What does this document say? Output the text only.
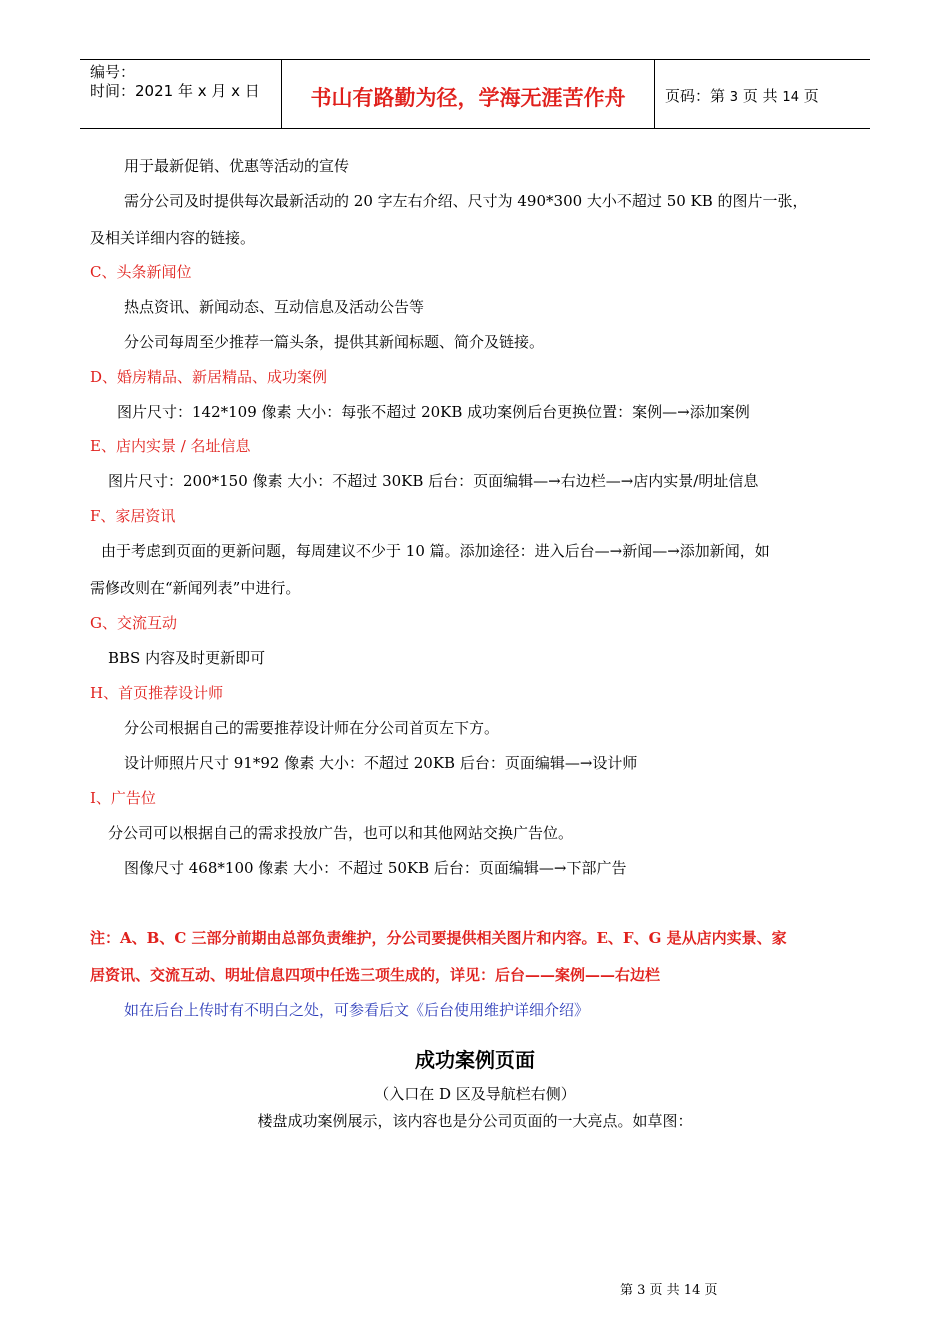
编号：
时间：2021 年 x 月 x 日	书山有路勤为径，学海无涯苦作舟	页码：第 3 页 共 14 页
用于最新促销、优惠等活动的宣传
需分公司及时提供每次最新活动的 20 字左右介绍、尺寸为 490*300 大小不超过 50 KB 的图片一张，
及相关详细内容的链接。
C、头条新闻位
热点资讯、新闻动态、互动信息及活动公告等
分公司每周至少推荐一篇头条，提供其新闻标题、简介及链接。
D、婚房精品、新居精品、成功案例
图片尺寸：142*109 像素 大小：每张不超过 20KB 成功案例后台更换位置：案例—→添加案例
E、店内实景 / 名址信息
图片尺寸：200*150 像素 大小：不超过 30KB 后台：页面编辑—→右边栏—→店内实景/明址信息
F、家居资讯
由于考虑到页面的更新问题，每周建议不少于 10 篇。添加途径：进入后台—→新闻—→添加新闻，如
需修改则在“新闻列表”中进行。
G、交流互动
BBS 内容及时更新即可
H、首页推荐设计师
分公司根据自己的需要推荐设计师在分公司首页左下方。
设计师照片尺寸 91*92 像素 大小：不超过 20KB 后台：页面编辑—→设计师
I、广告位
分公司可以根据自己的需求投放广告，也可以和其他网站交换广告位。
图像尺寸 468*100 像素 大小：不超过 50KB 后台：页面编辑—→下部广告
注：A、B、C 三部分前期由总部负责维护，分公司要提供相关图片和内容。E、F、G 是从店内实景、家
居资讯、交流互动、明址信息四项中任选三项生成的，详见：后台——案例——右边栏
如在后台上传时有不明白之处，可参看后文《后台使用维护详细介绍》
成功案例页面
（入口在 D 区及导航栏右侧）
楼盘成功案例展示，该内容也是分公司页面的一大亮点。如草图：
第 3 页 共 14 页
